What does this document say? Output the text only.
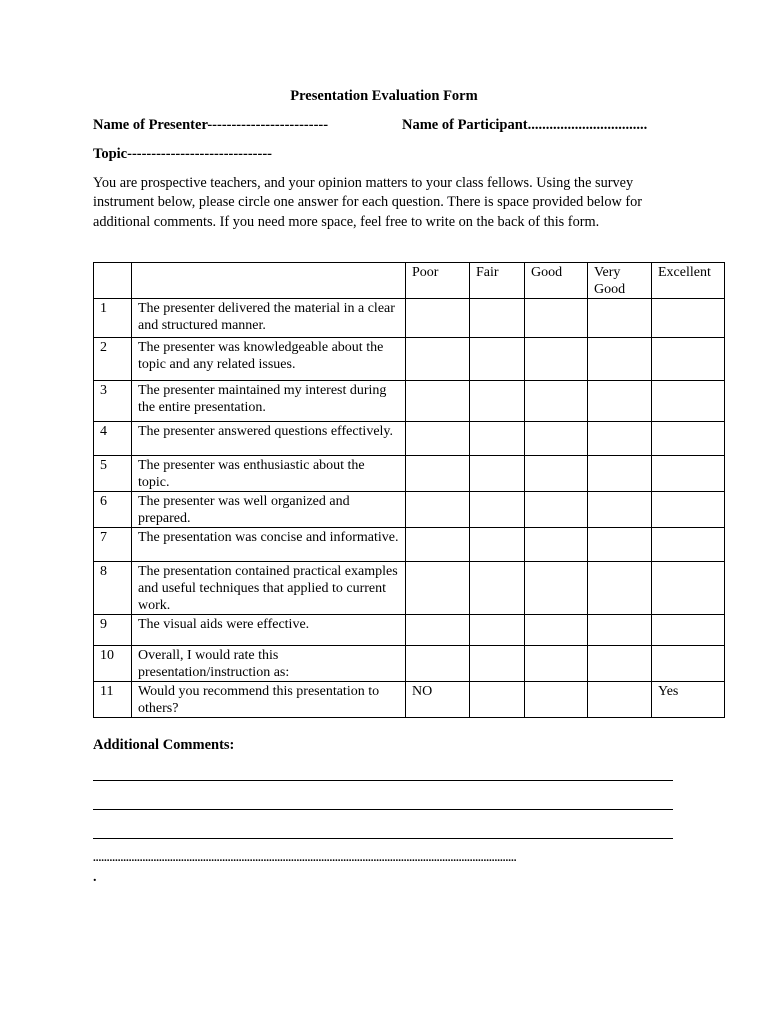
Presentation Evaluation Form
Name of Presenter-------------------------	Name of Participant.................................
Topic------------------------------
You are prospective teachers, and your opinion matters to your class fellows. Using the survey instrument below, please circle one answer for each question. There is space provided below for additional comments. If you need more space, feel free to write on the back of this form.
		Poor	Fair	Good	Very Good	Excellent
1	The presenter delivered the material in a clear and structured manner.					
2	The presenter was knowledgeable about the topic and any related issues.					
3	The presenter maintained my interest during the entire presentation.					
4	The presenter answered questions effectively.					
5	The presenter was enthusiastic about the topic.					
6	The presenter was well organized and prepared.					
7	The presentation was concise and informative.					
8	The presentation contained practical examples and useful techniques that applied to current work.					
9	The visual aids were effective.					
10	Overall, I would rate this presentation/instruction as:					
11	Would you recommend this presentation to others?	NO				Yes
Additional Comments:
..........................................................................................................................................................
.
